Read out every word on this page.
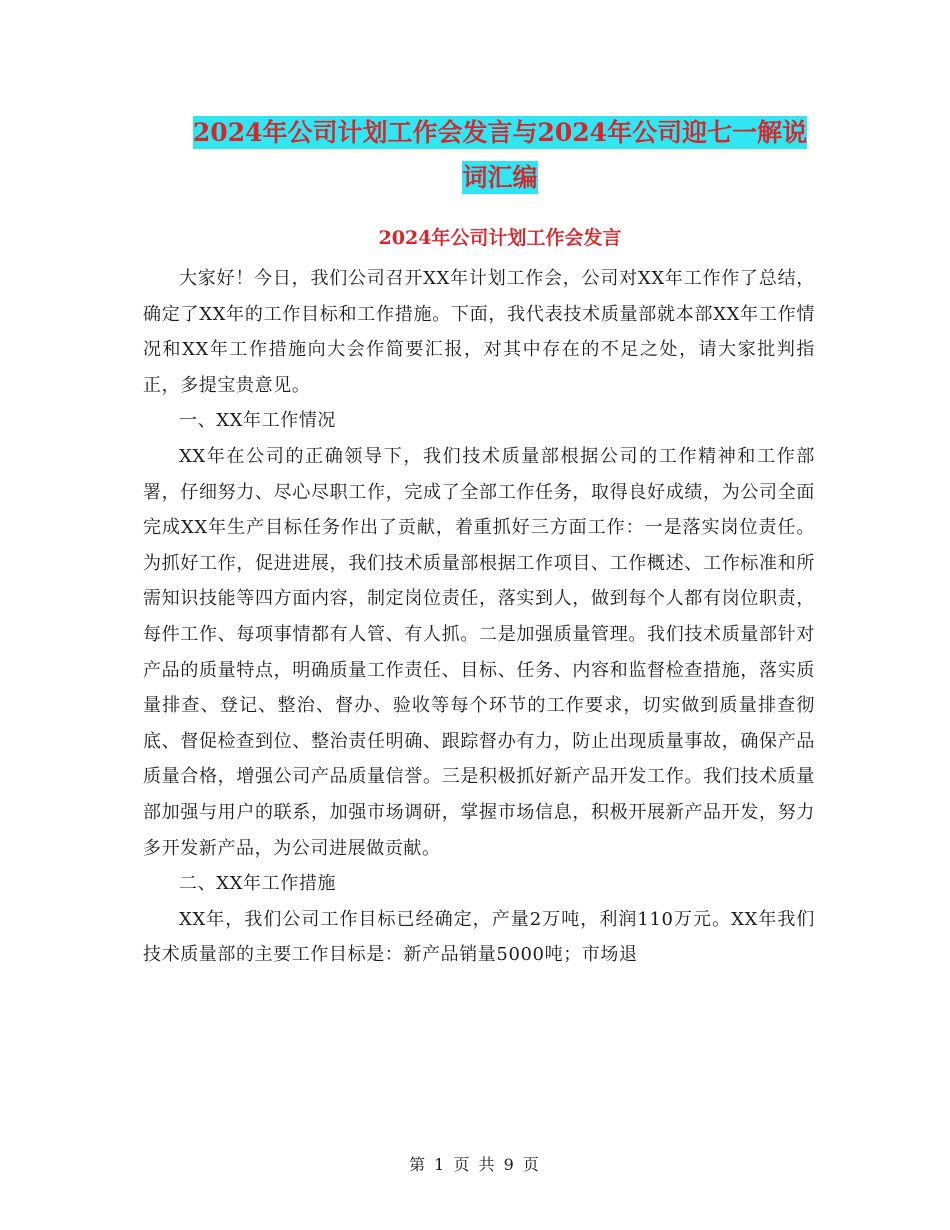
2024年公司计划工作会发言与2024年公司迎七一解说
词汇编
2024年公司计划工作会发言

大家好！今日，我们公司召开XX年计划工作会，公司对XX年工作作了总结，确定了XX年的工作目标和工作措施。下面，我代表技术质量部就本部XX年工作情况和XX年工作措施向大会作简要汇报，对其中存在的不足之处，请大家批判指正，多提宝贵意见。

一、XX年工作情况

XX年在公司的正确领导下，我们技术质量部根据公司的工作精神和工作部署，仔细努力、尽心尽职工作，完成了全部工作任务，取得良好成绩，为公司全面完成XX年生产目标任务作出了贡献，着重抓好三方面工作：一是落实岗位责任。为抓好工作，促进进展，我们技术质量部根据工作项目、工作概述、工作标准和所需知识技能等四方面内容，制定岗位责任，落实到人，做到每个人都有岗位职责，每件工作、每项事情都有人管、有人抓。二是加强质量管理。我们技术质量部针对产品的质量特点，明确质量工作责任、目标、任务、内容和监督检查措施，落实质量排查、登记、整治、督办、验收等每个环节的工作要求，切实做到质量排查彻底、督促检查到位、整治责任明确、跟踪督办有力，防止出现质量事故，确保产品质量合格，增强公司产品质量信誉。三是积极抓好新产品开发工作。我们技术质量部加强与用户的联系，加强市场调研，掌握市场信息，积极开展新产品开发，努力多开发新产品，为公司进展做贡献。

二、XX年工作措施

XX年，我们公司工作目标已经确定，产量2万吨，利润110万元。XX年我们技术质量部的主要工作目标是：新产品销量5000吨；市场退

第 1 页 共 9 页
